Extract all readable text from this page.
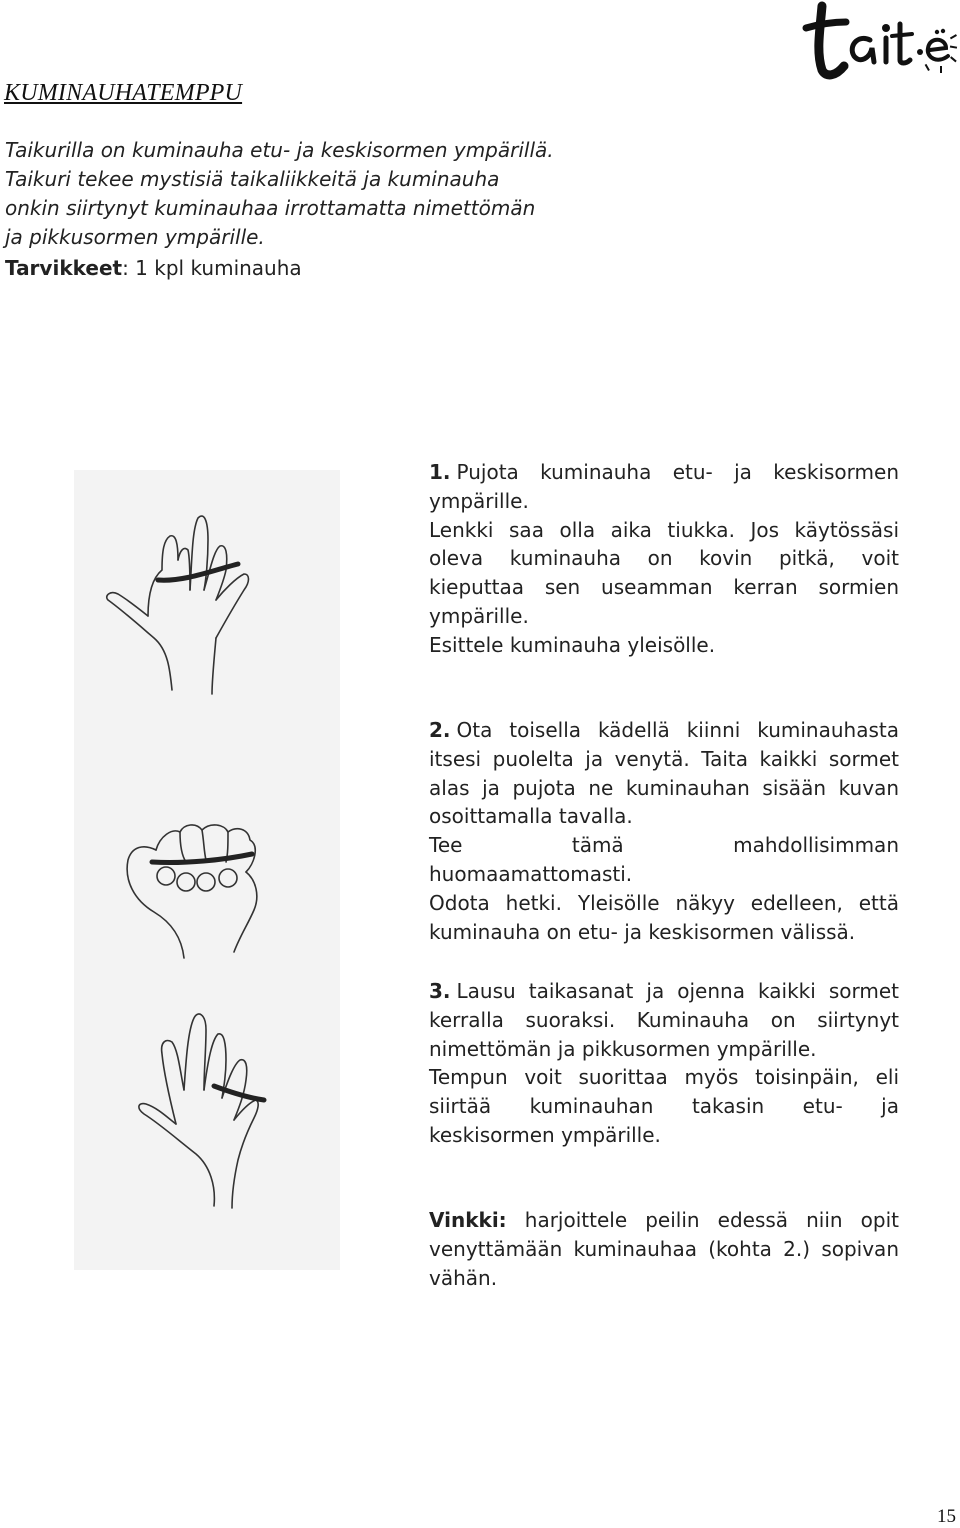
KUMINAUHATEMPPU

Taikurilla on kuminauha etu- ja keskisormen ympärillä.

Taikuri tekee mystisiä taikaliikkeitä ja kuminauha

onkin siirtynyt kuminauhaa irrottamatta nimettömän

ja pikkusormen ympärille.

Tarvikkeet: 1 kpl kuminauha

1. Pujota kuminauha etu- ja keskisormen ympärille.

Lenkki saa olla aika tiukka. Jos käytössäsi oleva kuminauha on kovin pitkä, voit kieputtaa sen useamman kerran sormien ympärille.

Esittele kuminauha yleisölle.

2. Ota toisella kädellä kiinni kuminauhasta itsesi puolelta ja venytä. Taita kaikki sormet alas ja pujota ne kuminauhan sisään kuvan osoittamalla tavalla.

Tee tämä mahdollisimman huomaamattomasti.

Odota hetki. Yleisölle näkyy edelleen, että kuminauha on etu- ja keskisormen välissä.

3. Lausu taikasanat ja ojenna kaikki sormet kerralla suoraksi. Kuminauha on siirtynyt nimettömän ja pikkusormen ympärille.

Tempun voit suorittaa myös toisinpäin, eli siirtää kuminauhan takasin etu- ja keskisormen ympärille.

Vinkki: harjoittele peilin edessä niin opit venyttämään kuminauhaa (kohta 2.) sopivan vähän.

15
